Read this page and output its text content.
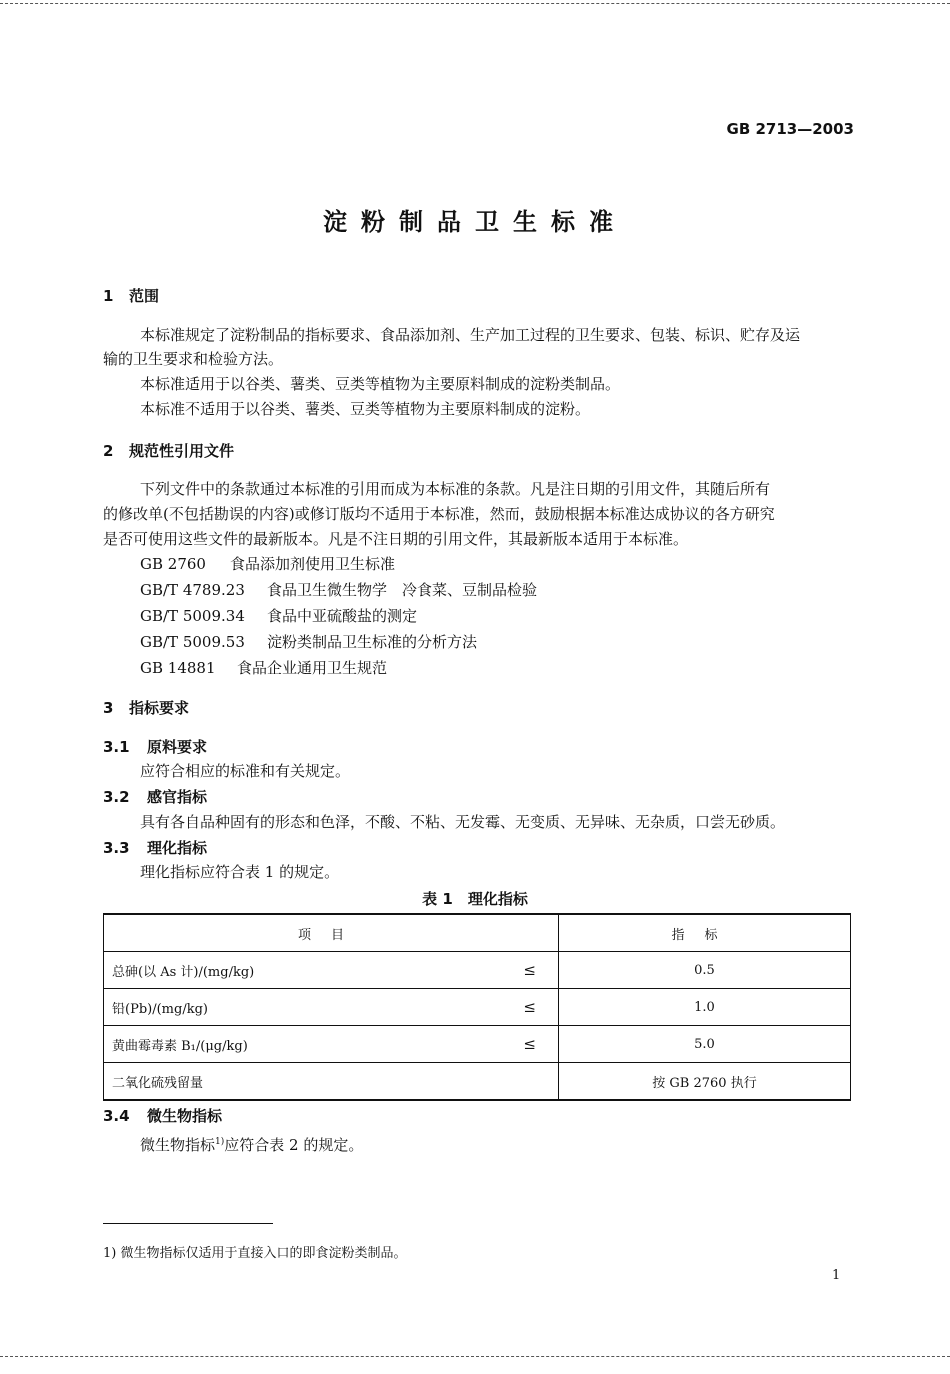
GB 2713—2003
淀粉制品卫生标准
1 范围
本标准规定了淀粉制品的指标要求、食品添加剂、生产加工过程的卫生要求、包装、标识、贮存及运
输的卫生要求和检验方法。
本标准适用于以谷类、薯类、豆类等植物为主要原料制成的淀粉类制品。
本标准不适用于以谷类、薯类、豆类等植物为主要原料制成的淀粉。
2 规范性引用文件
下列文件中的条款通过本标准的引用而成为本标准的条款。凡是注日期的引用文件，其随后所有
的修改单(不包括勘误的内容)或修订版均不适用于本标准，然而，鼓励根据本标准达成协议的各方研究
是否可使用这些文件的最新版本。凡是不注日期的引用文件，其最新版本适用于本标准。
GB 2760 食品添加剂使用卫生标准
GB/T 4789.23 食品卫生微生物学　冷食菜、豆制品检验
GB/T 5009.34 食品中亚硫酸盐的测定
GB/T 5009.53 淀粉类制品卫生标准的分析方法
GB 14881 食品企业通用卫生规范
3 指标要求
3.1 原料要求
应符合相应的标准和有关规定。
3.2 感官指标
具有各自品种固有的形态和色泽，不酸、不粘、无发霉、无变质、无异味、无杂质，口尝无砂质。
3.3 理化指标
理化指标应符合表 1 的规定。
表 1　理化指标
项目	指标
总砷(以 As 计)/(mg/kg) ≤	0.5
铅(Pb)/(mg/kg) ≤	1.0
黄曲霉毒素 B₁/(μg/kg) ≤	5.0
二氧化硫残留量	按 GB 2760 执行
3.4 微生物指标
微生物指标$^{1)}$应符合表 2 的规定。
1) 微生物指标仅适用于直接入口的即食淀粉类制品。
1
